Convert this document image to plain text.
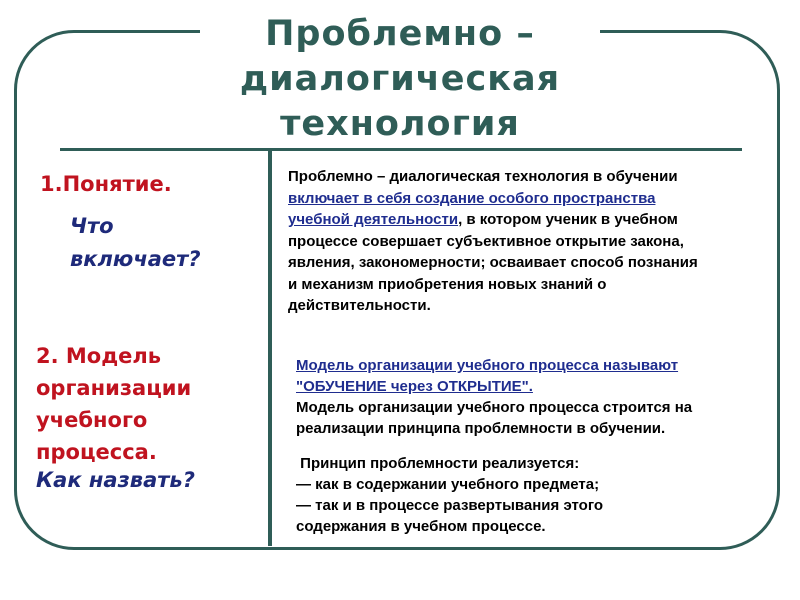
Проблемно –
диалогическая
технология
1.Понятие.
Что
включает?
2. Модель
организации
учебного
процесса.
Как назвать?
Проблемно – диалогическая технология в обучении
включает в себя создание особого пространства
учебной деятельности, в котором ученик в учебном
процессе совершает субъективное открытие закона,
явления, закономерности; осваивает способ познания
и механизм приобретения новых знаний о
действительности.
Модель организации учебного процесса называют
"ОБУЧЕНИЕ через ОТКРЫТИЕ".
Модель организации учебного процесса строится на
реализации принципа проблемности в обучении.
Принцип проблемности реализуется:
— как в содержании учебного предмета;
— так и в процессе развертывания этого
содержания в учебном процессе.
